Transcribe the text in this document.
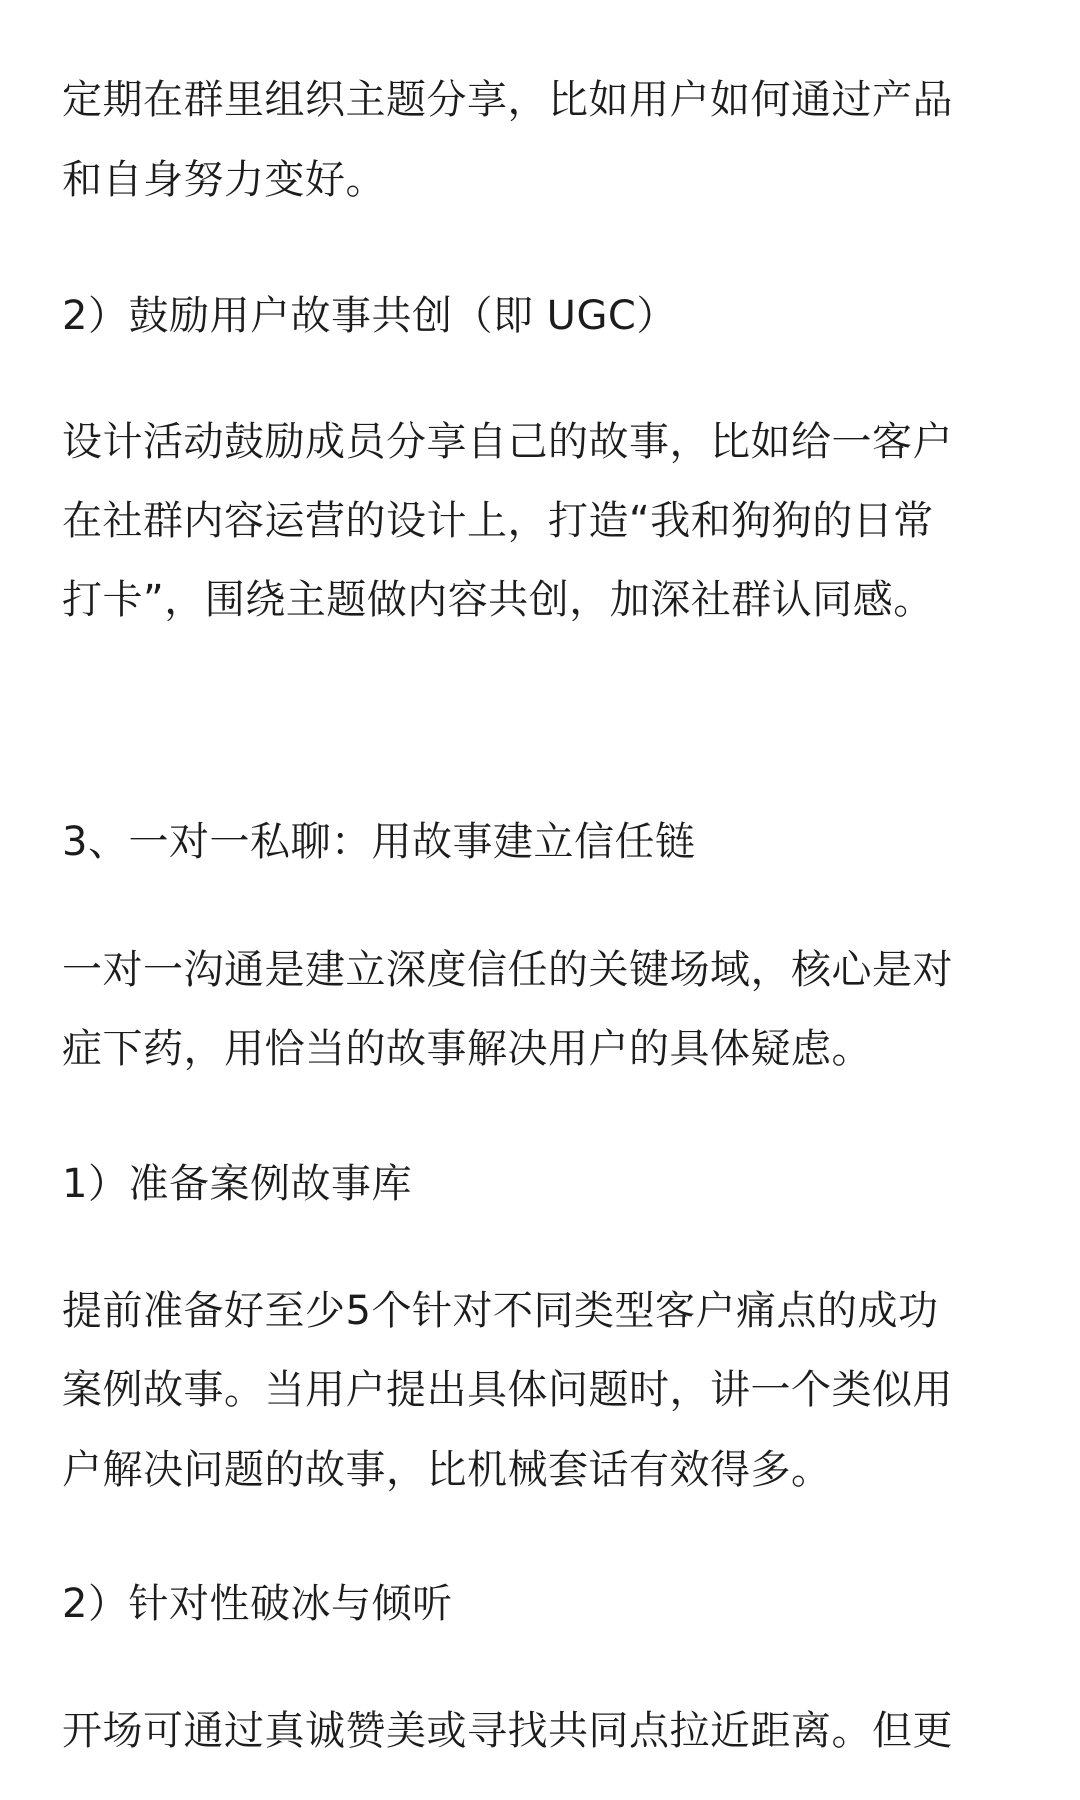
定期在群里组织主题分享，比如用户如何通过产品
和自身努力变好。
2）鼓励用户故事共创（即 UGC）
设计活动鼓励成员分享自己的故事，比如给一客户
在社群内容运营的设计上，打造“我和狗狗的日常
打卡”，围绕主题做内容共创，加深社群认同感。
3、一对一私聊：用故事建立信任链
一对一沟通是建立深度信任的关键场域，核心是对
症下药，用恰当的故事解决用户的具体疑虑。
1）准备案例故事库
提前准备好至少5个针对不同类型客户痛点的成功
案例故事。当用户提出具体问题时，讲一个类似用
户解决问题的故事，比机械套话有效得多。
2）针对性破冰与倾听
开场可通过真诚赞美或寻找共同点拉近距离。但更
